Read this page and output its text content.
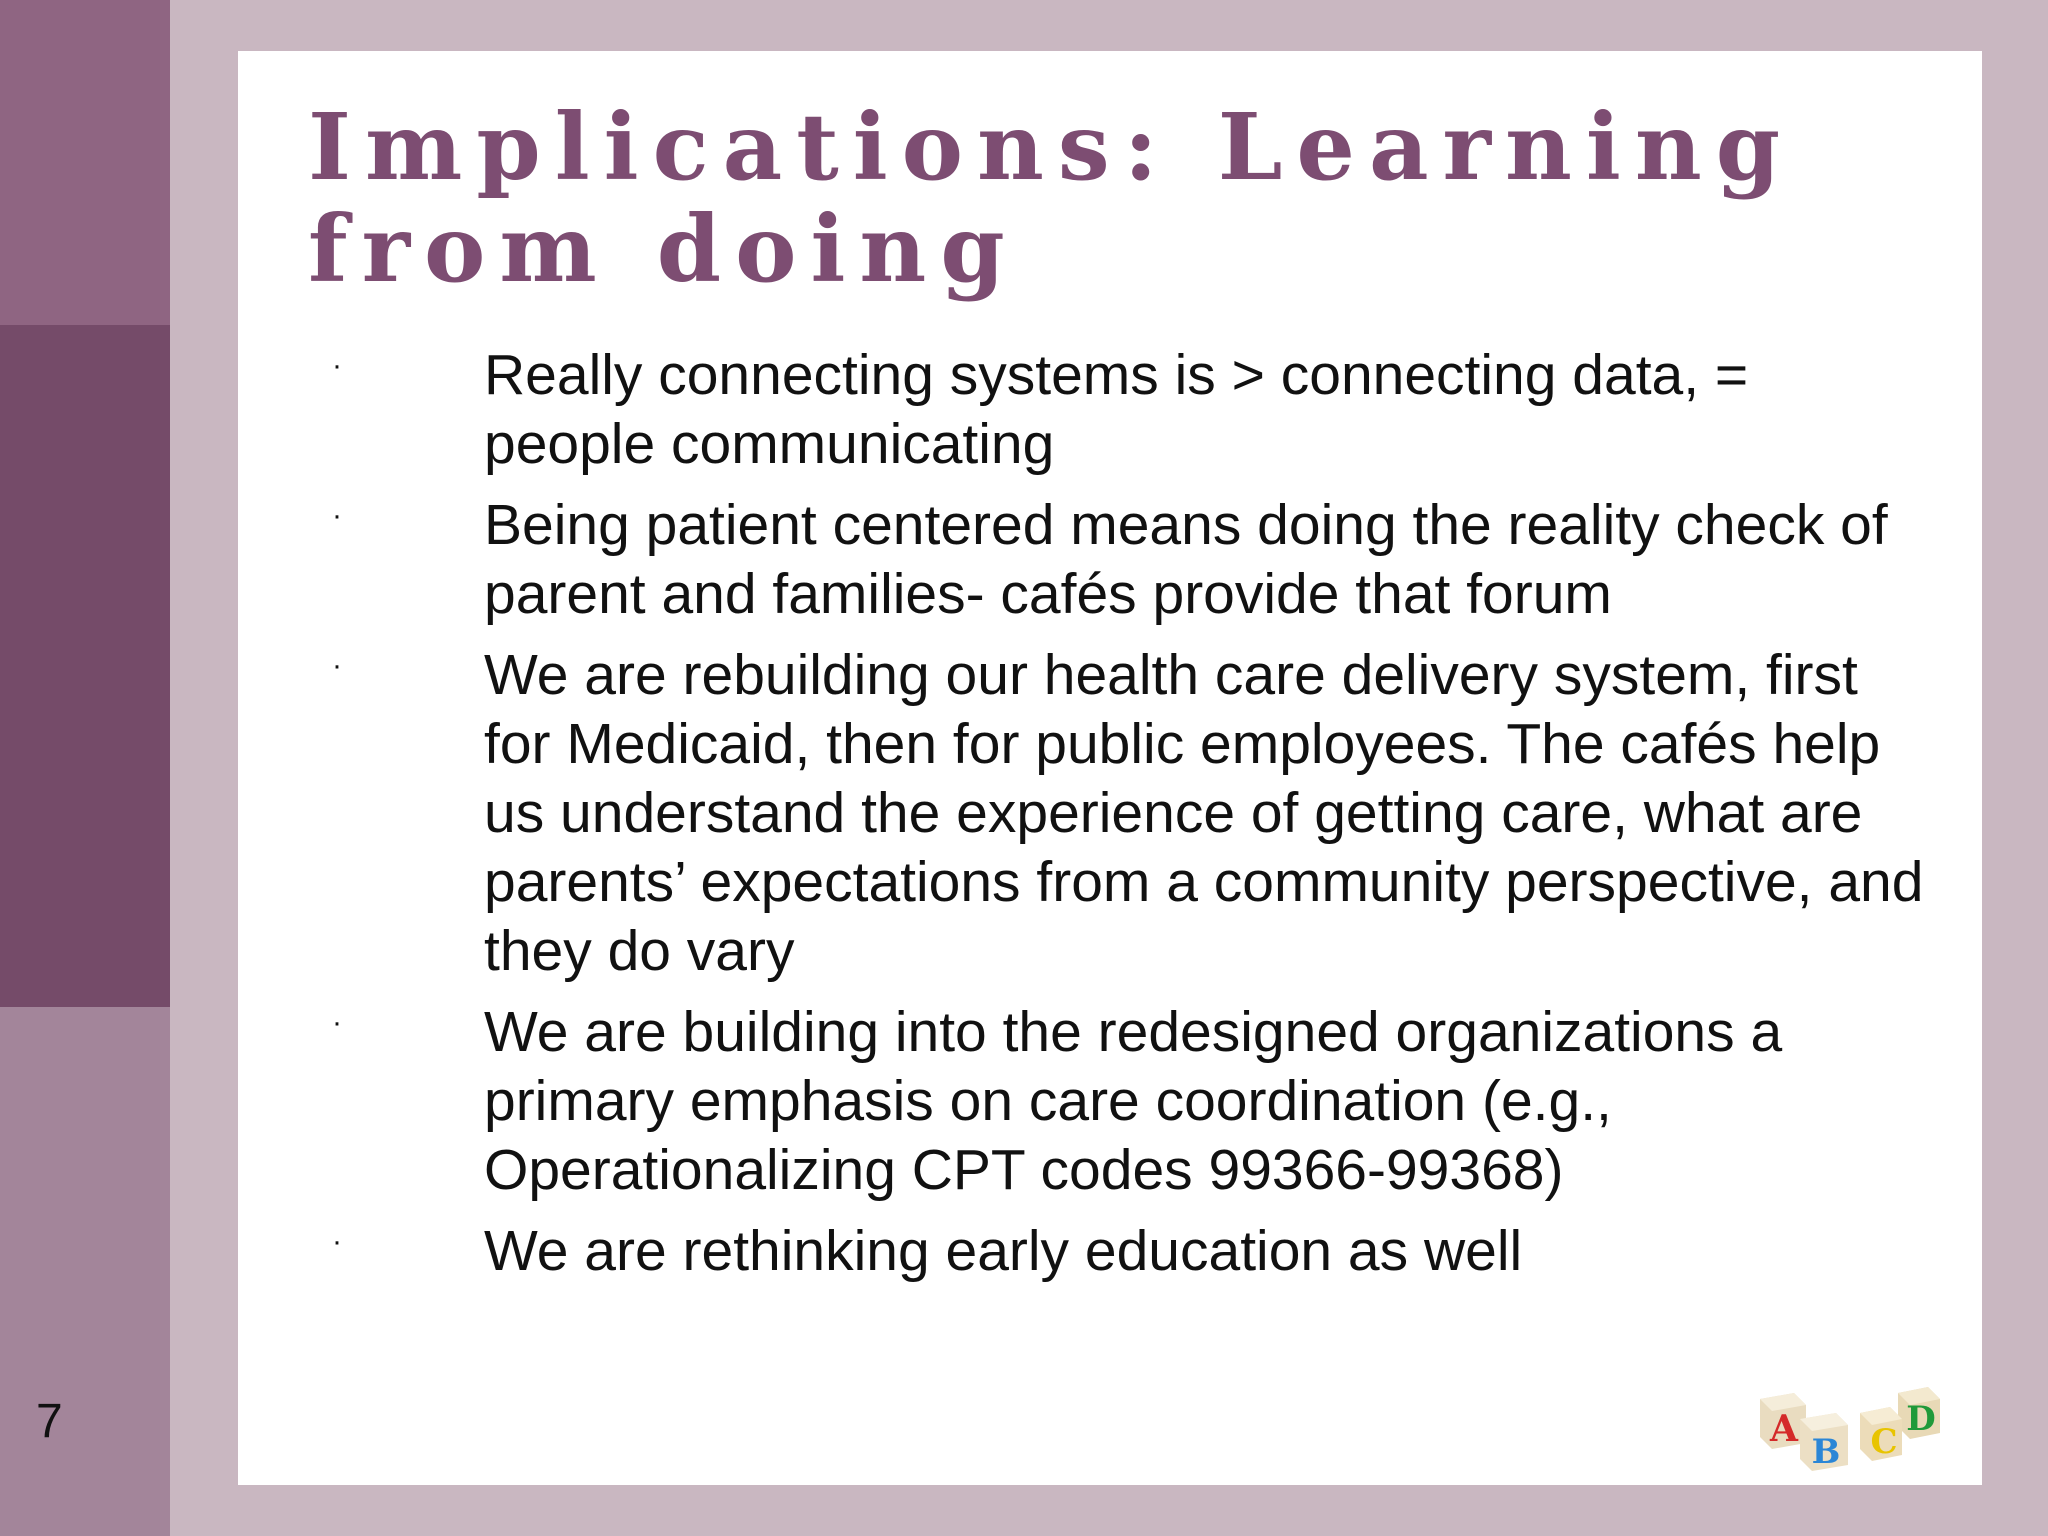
7
Implications: Learning from doing
· Really connecting systems is > connecting data, = people communicating
· Being patient centered means doing the reality check of parent and families- cafés provide that forum
· We are rebuilding our health care delivery system, first for Medicaid, then for public employees. The cafés help us understand the experience of getting care, what are parents’ expectations from a community perspective, and they do vary
· We are building into the redesigned organizations a primary emphasis on care coordination (e.g., Operationalizing CPT codes 99366-99368)
· We are rethinking early education as well
D
C
A
B
